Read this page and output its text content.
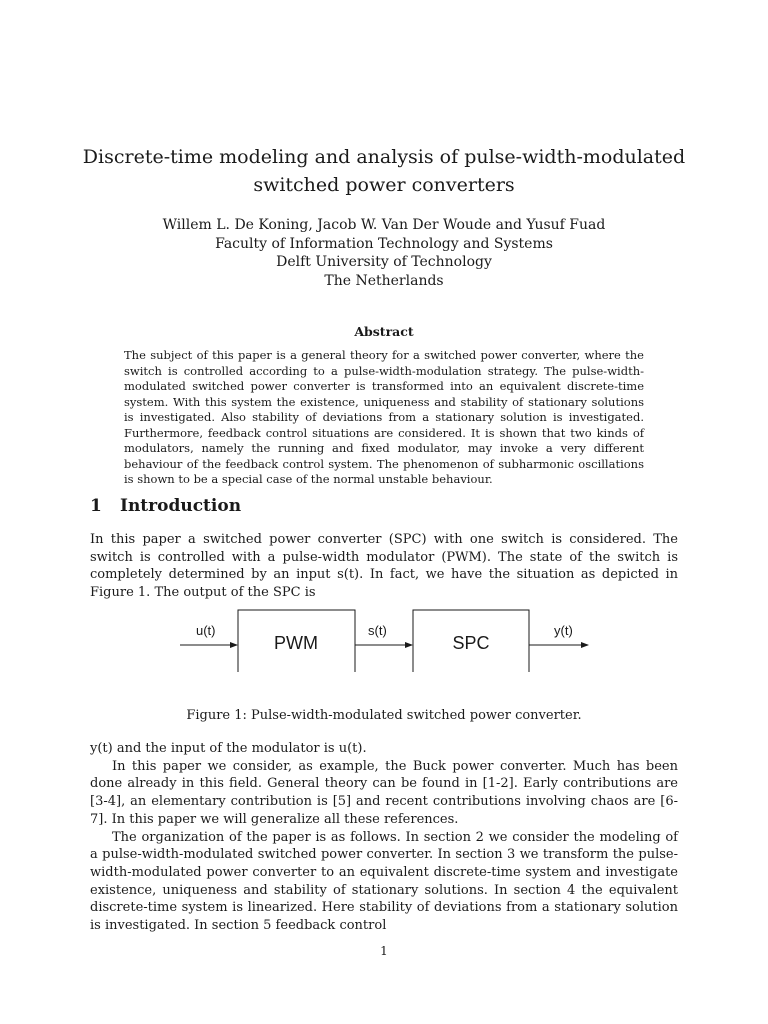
Discrete-time modeling and analysis of pulse-width-modulated switched power converters
Willem L. De Koning, Jacob W. Van Der Woude and Yusuf Fuad
Faculty of Information Technology and Systems
Delft University of Technology
The Netherlands
Abstract
The subject of this paper is a general theory for a switched power converter, where the switch is controlled according to a pulse-width-modulation strategy. The pulse-width-modulated switched power converter is transformed into an equivalent discrete-time system. With this system the existence, uniqueness and stability of stationary solutions is investigated. Also stability of deviations from a stationary solution is investigated. Furthermore, feedback control situations are considered. It is shown that two kinds of modulators, namely the running and fixed modulator, may invoke a very different behaviour of the feedback control system. The phenomenon of subharmonic oscillations is shown to be a special case of the normal unstable behaviour.
1 Introduction

In this paper a switched power converter (SPC) with one switch is considered. The switch is controlled with a pulse-width modulator (PWM). The state of the switch is completely determined by an input s(t). In fact, we have the situation as depicted in Figure 1. The output of the SPC is

u(t)
PWM
s(t)
SPC
y(t)
Figure 1: Pulse-width-modulated switched power converter.

y(t) and the input of the modulator is u(t).

In this paper we consider, as example, the Buck power converter. Much has been done already in this field. General theory can be found in [1-2]. Early contributions are [3-4], an elementary contribution is [5] and recent contributions involving chaos are [6-7]. In this paper we will generalize all these references.

The organization of the paper is as follows. In section 2 we consider the modeling of a pulse-width-modulated switched power converter. In section 3 we transform the pulse-width-modulated power converter to an equivalent discrete-time system and investigate existence, uniqueness and stability of stationary solutions. In section 4 the equivalent discrete-time system is linearized. Here stability of deviations from a stationary solution is investigated. In section 5 feedback control

1
